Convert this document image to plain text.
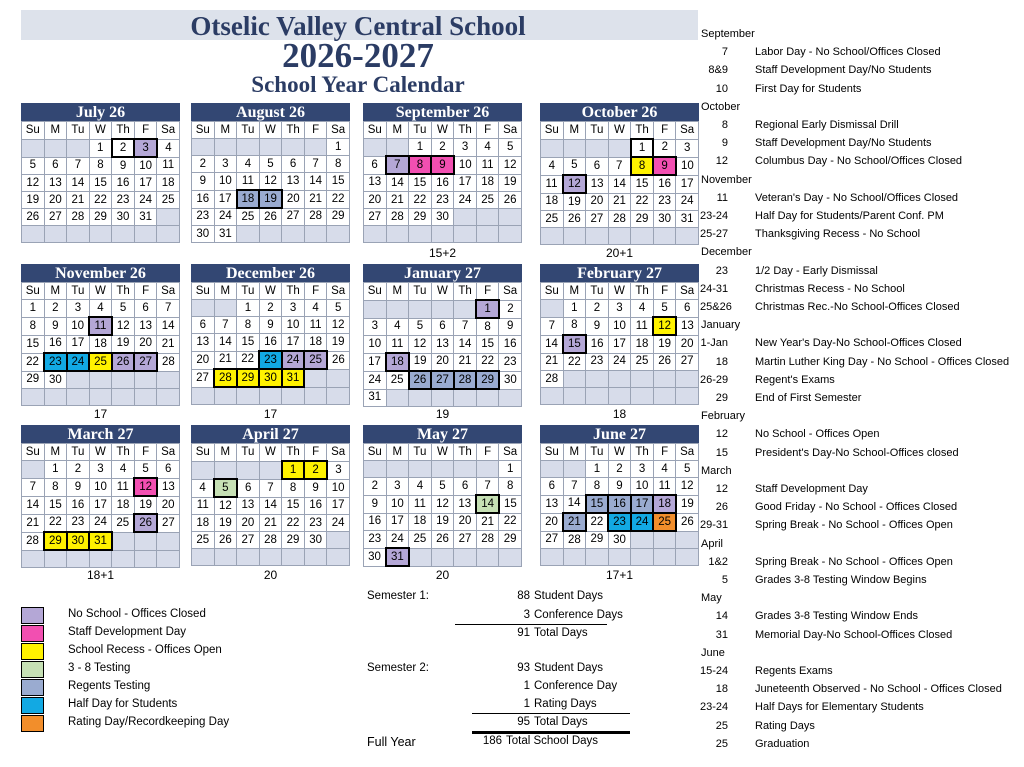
Otselic Valley Central School
2026-2027
School Year Calendar
July 26
Su	M	Tu	W	Th	F	Sa
			1	2	3	4
5	6	7	8	9	10	11
12	13	14	15	16	17	18
19	20	21	22	23	24	25
26	27	28	29	30	31	

August 26
Su	M	Tu	W	Th	F	Sa
						1
2	3	4	5	6	7	8
9	10	11	12	13	14	15
16	17	18	19	20	21	22
23	24	25	26	27	28	29
30	31					
September 26
Su	M	Tu	W	Th	F	Sa
		1	2	3	4	5
6	7	8	9	10	11	12
13	14	15	16	17	18	19
20	21	22	23	24	25	26
27	28	29	30			

15+2
October 26
Su	M	Tu	W	Th	F	Sa
				1	2	3
4	5	6	7	8	9	10
11	12	13	14	15	16	17
18	19	20	21	22	23	24
25	26	27	28	29	30	31

20+1
November 26
Su	M	Tu	W	Th	F	Sa
1	2	3	4	5	6	7
8	9	10	11	12	13	14
15	16	17	18	19	20	21
22	23	24	25	26	27	28
29	30					

17
December 26
Su	M	Tu	W	Th	F	Sa
		1	2	3	4	5
6	7	8	9	10	11	12
13	14	15	16	17	18	19
20	21	22	23	24	25	26
27	28	29	30	31		

17
January 27
Su	M	Tu	W	Th	F	Sa
					1	2
3	4	5	6	7	8	9
10	11	12	13	14	15	16
17	18	19	20	21	22	23
24	25	26	27	28	29	30
31						
19
February 27
Su	M	Tu	W	Th	F	Sa
	1	2	3	4	5	6
7	8	9	10	11	12	13
14	15	16	17	18	19	20
21	22	23	24	25	26	27
28						

18
March 27
Su	M	Tu	W	Th	F	Sa
	1	2	3	4	5	6
7	8	9	10	11	12	13
14	15	16	17	18	19	20
21	22	23	24	25	26	27
28	29	30	31			

18+1
April 27
Su	M	Tu	W	Th	F	Sa
				1	2	3
4	5	6	7	8	9	10
11	12	13	14	15	16	17
18	19	20	21	22	23	24
25	26	27	28	29	30	

20
May 27
Su	M	Tu	W	Th	F	Sa
						1
2	3	4	5	6	7	8
9	10	11	12	13	14	15
16	17	18	19	20	21	22
23	24	25	26	27	28	29
30	31					
20
June 27
Su	M	Tu	W	Th	F	Sa
		1	2	3	4	5
6	7	8	9	10	11	12
13	14	15	16	17	18	19
20	21	22	23	24	25	26
27	28	29	30			

17+1
September
7 Labor Day - No School/Offices Closed
8&9 Staff Development Day/No Students
10 First Day for Students
October
8 Regional Early Dismissal Drill
9 Staff Development Day/No Students
12 Columbus Day - No School/Offices Closed
November
11 Veteran's Day - No School/Offices Closed
23-24 Half Day for Students/Parent Conf. PM
25-27 Thanksgiving Recess - No School
December
23 1/2 Day - Early Dismissal
24-31 Christmas Recess - No School
25&26 Christmas Rec.-No School-Offices Closed
January
1-Jan New Year's Day-No School-Offices Closed
18 Martin Luther King Day - No School - Offices Closed
26-29 Regent's Exams
29 End of First Semester
February
12 No School - Offices Open
15 President's Day-No School-Offices closed
March
12 Staff Development Day
26 Good Friday - No School - Offices Closed
29-31 Spring Break - No School - Offices Open
April
1&2 Spring Break - No School - Offices Open
5 Grades 3-8 Testing Window Begins
May
14 Grades 3-8 Testing Window Ends
31 Memorial Day-No School-Offices Closed
June
15-24 Regents Exams
18 Juneteenth Observed - No School - Offices Closed
23-24 Half Days for Elementary Students
25 Rating Days
25 Graduation
No School - Offices Closed
Staff Development Day
School Recess - Offices Open
3 - 8 Testing
Regents Testing
Half Day for Students
Rating Day/Recordkeeping Day
Semester 1:	88 Student Days
3 Conference Days
91 Total Days
Semester 2:	93 Student Days
1 Conference Day
1 Rating Days
95 Total Days
Full Year	186 Total School Days
